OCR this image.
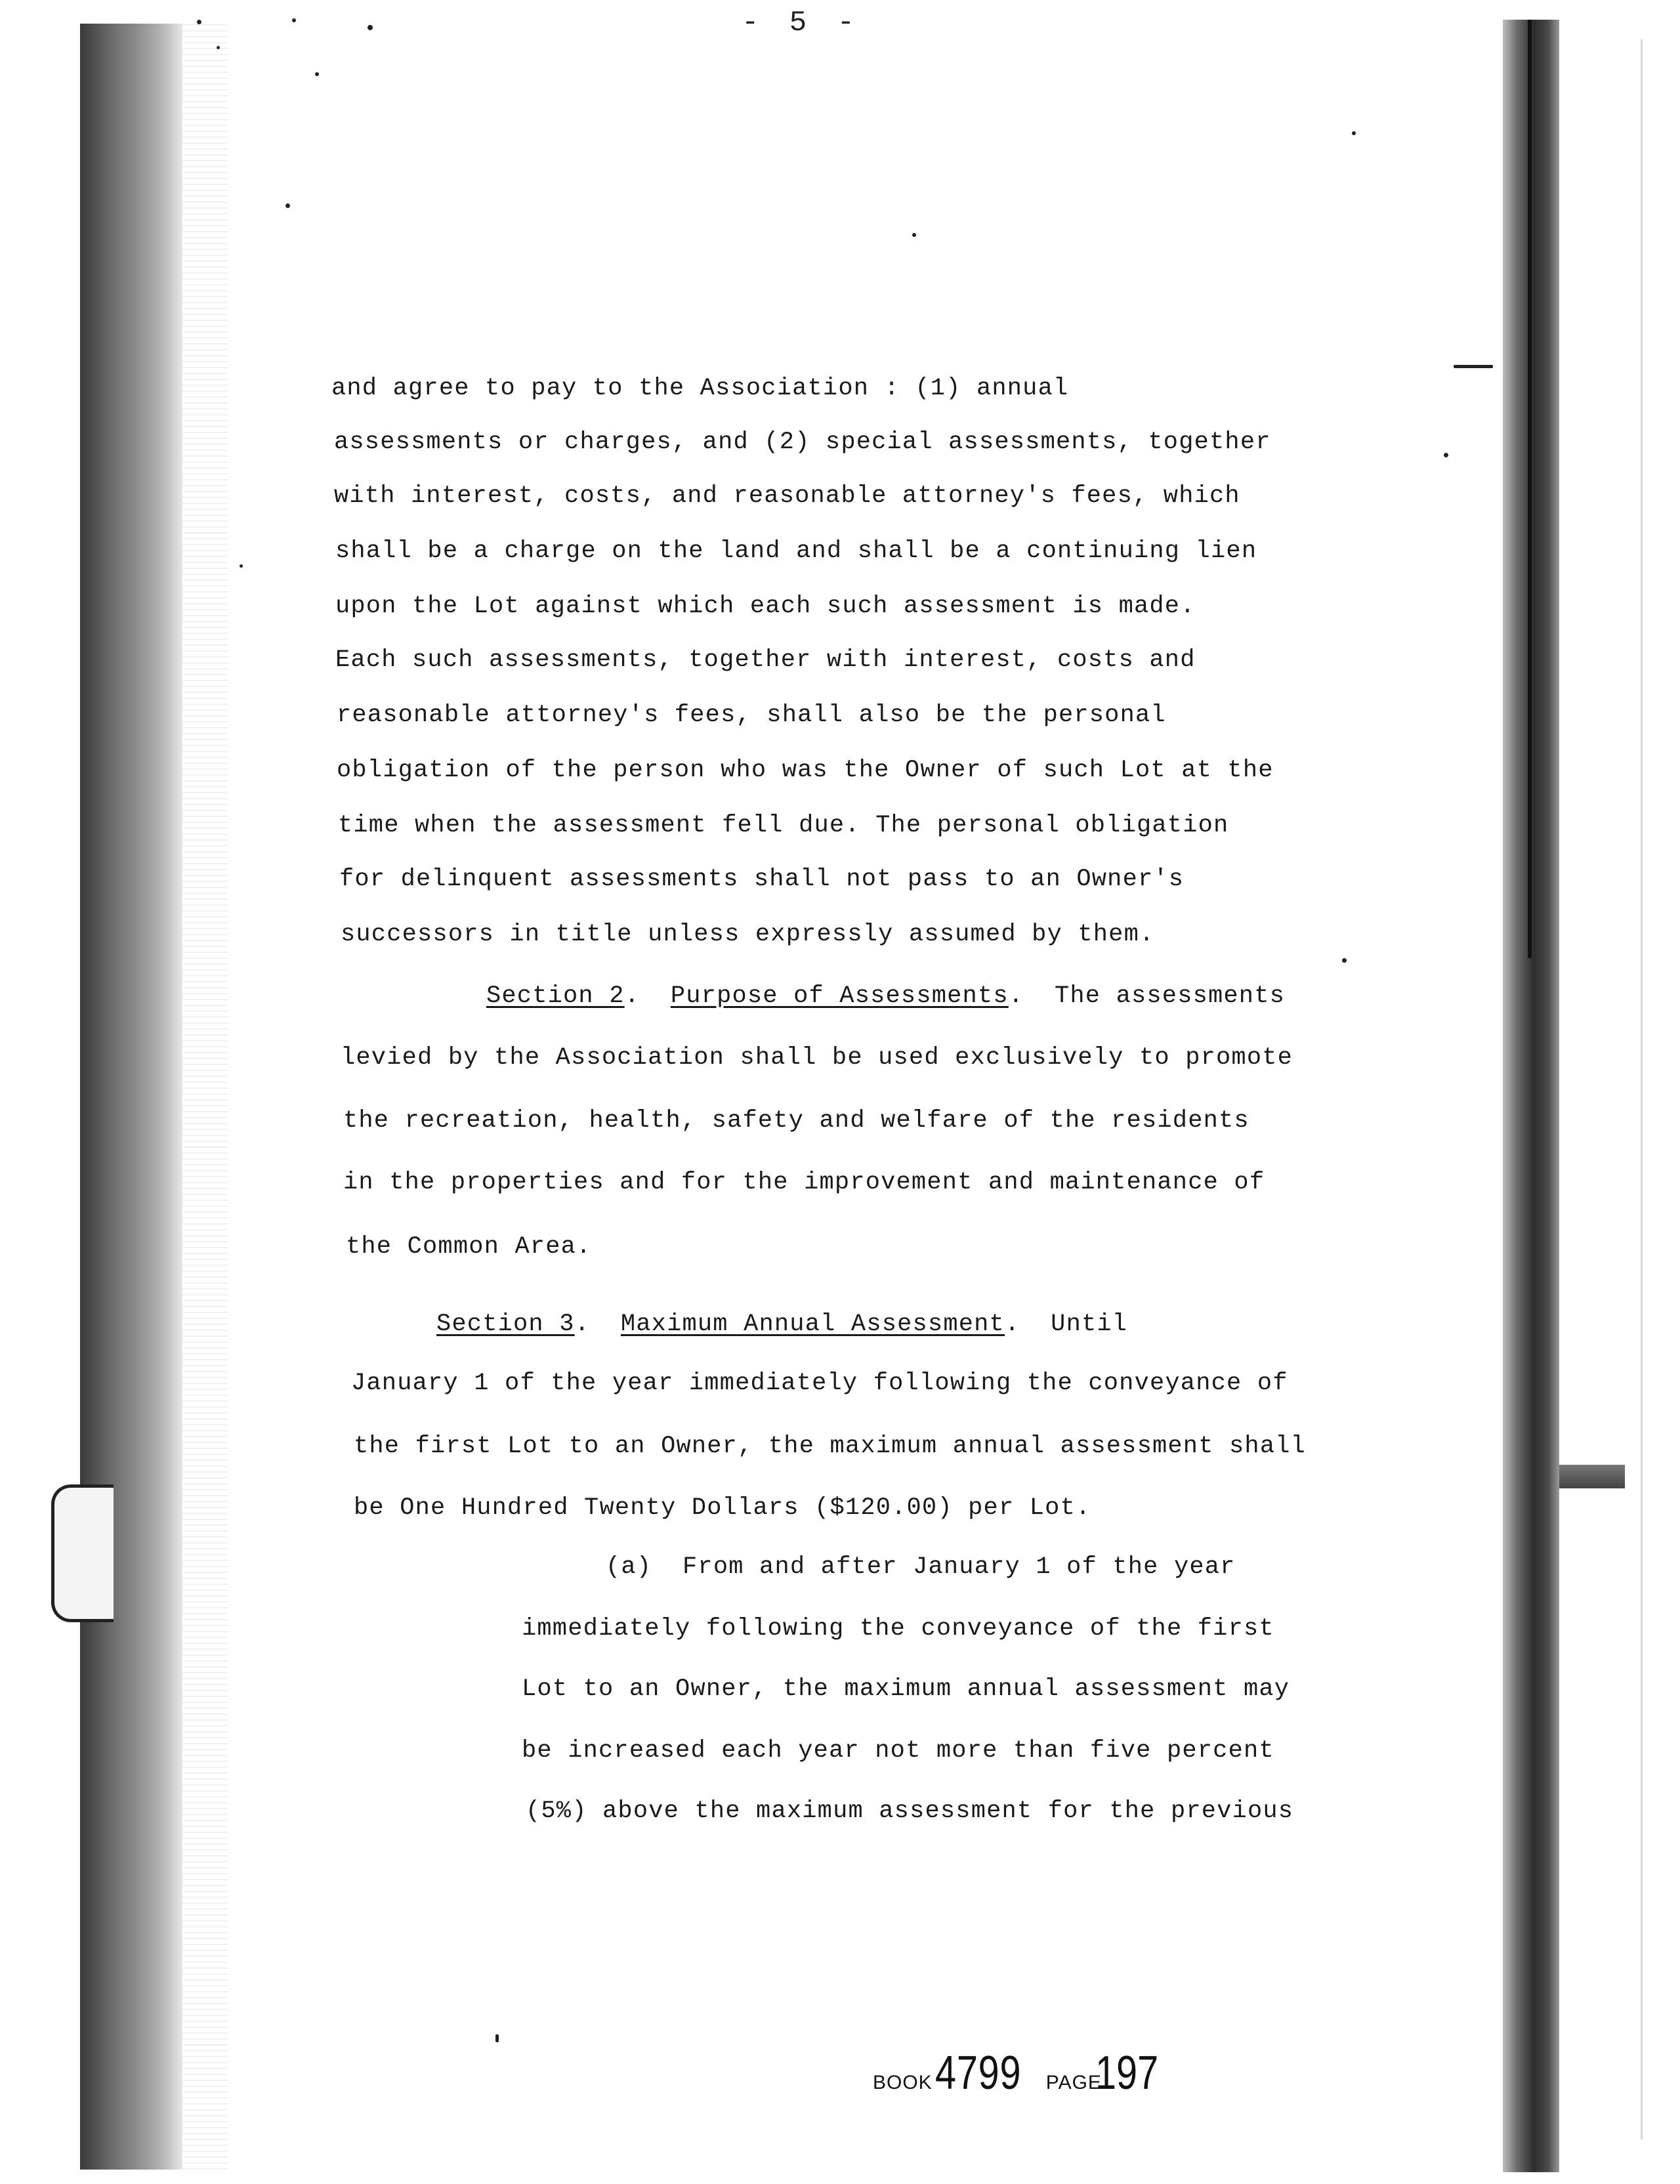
- 5 -
and agree to pay to the Association : (1) annual
assessments or charges, and (2) special assessments, together
with interest, costs, and reasonable attorney's fees, which
shall be a charge on the land and shall be a continuing lien
upon the Lot against which each such assessment is made.
Each such assessments, together with interest, costs and
reasonable attorney's fees, shall also be the personal
obligation of the person who was the Owner of such Lot at the
time when the assessment fell due. The personal obligation
for delinquent assessments shall not pass to an Owner's
successors in title unless expressly assumed by them.
Section 2.  Purpose of Assessments.  The assessments
levied by the Association shall be used exclusively to promote
the recreation, health, safety and welfare of the residents
in the properties and for the improvement and maintenance of
the Common Area.
Section 3.  Maximum Annual Assessment.  Until
January 1 of the year immediately following the conveyance of
the first Lot to an Owner, the maximum annual assessment shall
be One Hundred Twenty Dollars ($120.00) per Lot.
(a) From and after January 1 of the year
immediately following the conveyance of the first
Lot to an Owner, the maximum annual assessment may
be increased each year not more than five percent
(5%) above the maximum assessment for the previous
BOOK 4799 PAGE 197
